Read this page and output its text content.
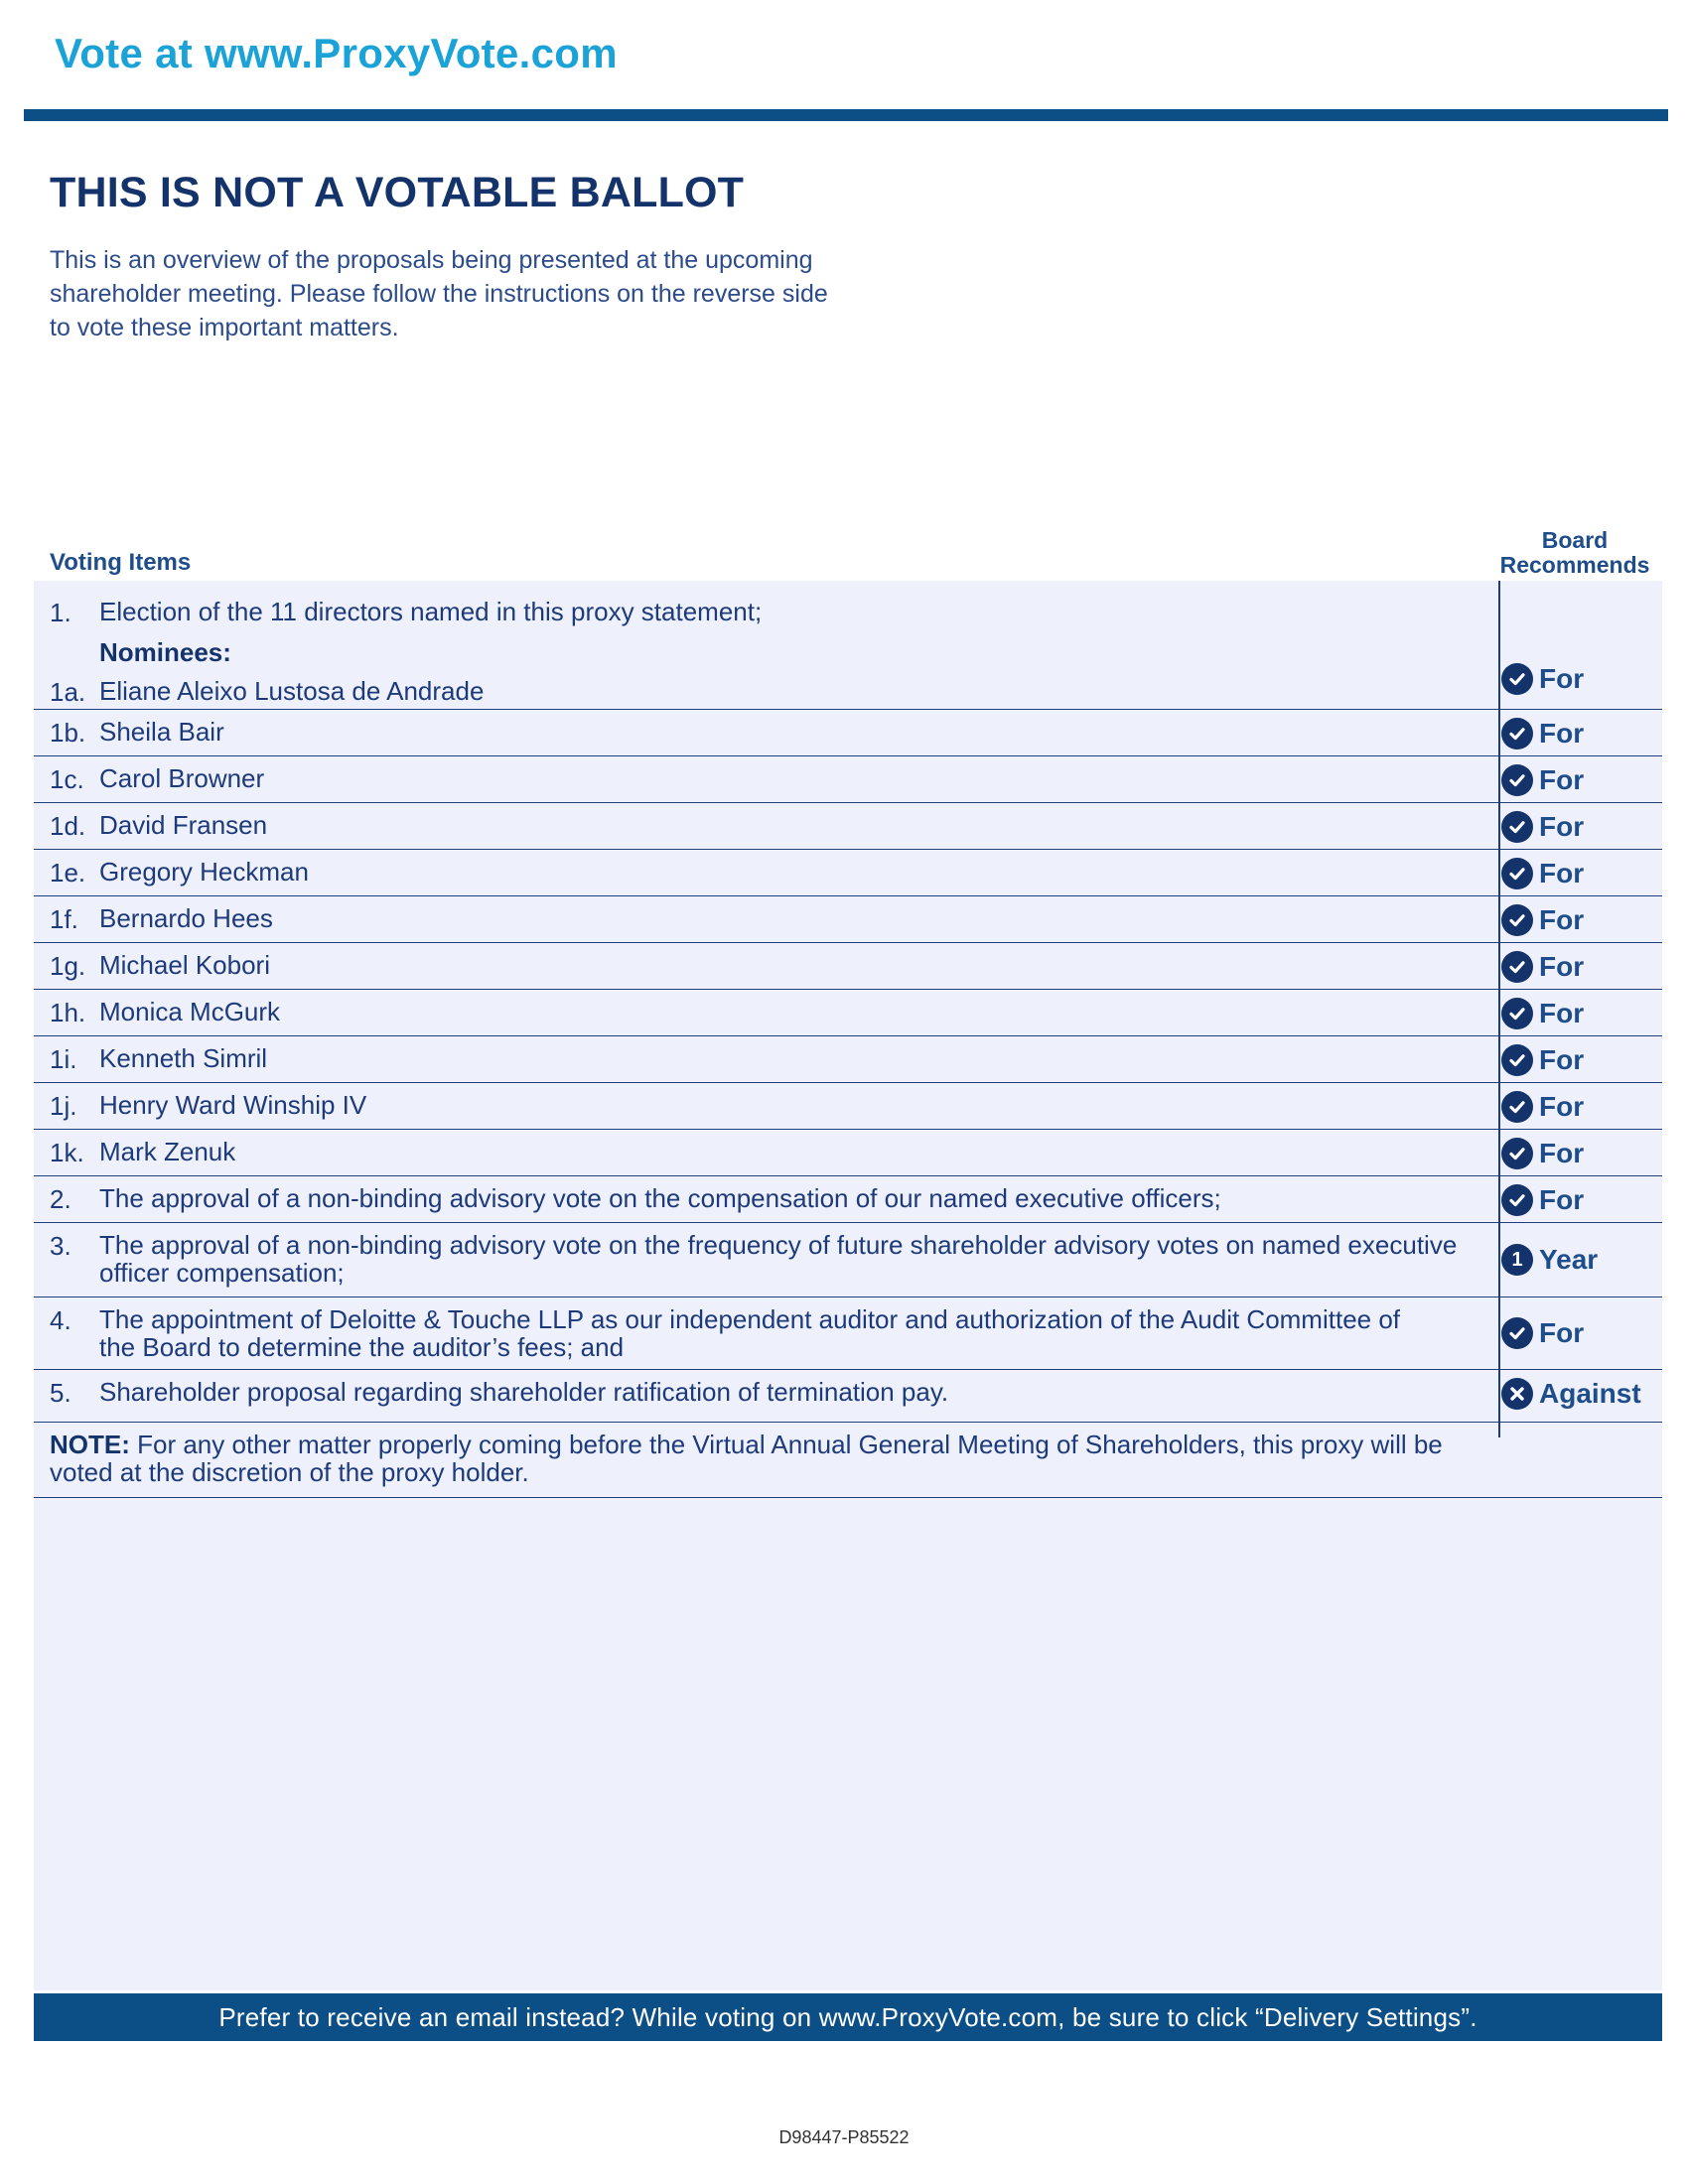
Vote at www.ProxyVote.com
THIS IS NOT A VOTABLE BALLOT
This is an overview of the proposals being presented at the upcoming shareholder meeting. Please follow the instructions on the reverse side to vote these important matters.
Voting Items
Board
Recommends
1. Election of the 11 directors named in this proxy statement;
Nominees:
1a. Eliane Aleixo Lustosa de Andrade	For
1b. Sheila Bair	For
1c. Carol Browner	For
1d. David Fransen	For
1e. Gregory Heckman	For
1f. Bernardo Hees	For
1g. Michael Kobori	For
1h. Monica McGurk	For
1i. Kenneth Simril	For
1j. Henry Ward Winship IV	For
1k. Mark Zenuk	For
2. The approval of a non-binding advisory vote on the compensation of our named executive officers;	For
3. The approval of a non-binding advisory vote on the frequency of future shareholder advisory votes on named executive
officer compensation;	1 Year
4. The appointment of Deloitte & Touche LLP as our independent auditor and authorization of the Audit Committee of
the Board to determine the auditor’s fees; and	For
5. Shareholder proposal regarding shareholder ratification of termination pay.	Against
NOTE: For any other matter properly coming before the Virtual Annual General Meeting of Shareholders, this proxy will be voted at the discretion of the proxy holder.
Prefer to receive an email instead? While voting on www.ProxyVote.com, be sure to click “Delivery Settings”.
D98447-P85522
